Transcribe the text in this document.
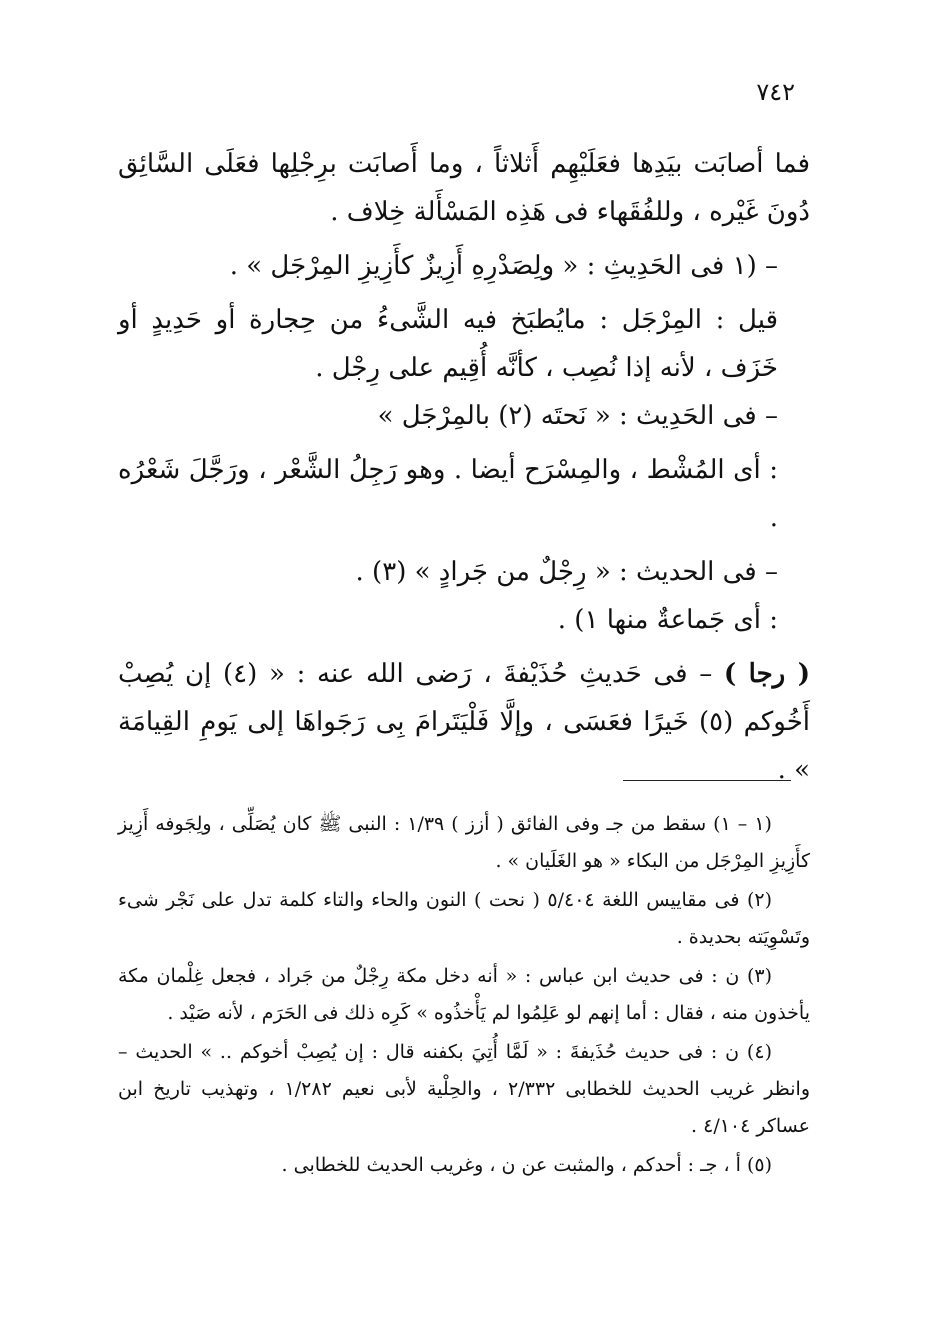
٧٤٢

فما أصابَت بيَدِها فعَلَيْهِم أَثلاثاً ، وما أَصابَت برِجْلِها فعَلَى السَّائِق دُونَ غَيْره ، وللفُقَهاء فى هَذِه المَسْأَلة خِلاف .

– (١ فى الحَدِيثِ : « ولِصَدْرِهِ أَزِيزٌ كأَزِيزِ المِرْجَل » .

قيل : المِرْجَل : مايُطبَخ فيه الشَّىءُ من حِجارة أو حَدِيدٍ أو خَزَف ، لأنه إذا نُصِب ، كأنَّه أُقِيم على رِجْل .

– فى الحَدِيث : « نَحتَه (٢) بالمِرْجَل »

: أى المُشْط ، والمِسْرَح أيضا . وهو رَجِلُ الشَّعْر ، ورَجَّلَ شَعْرُه .

– فى الحديث : « رِجْلٌ من جَرادٍ » (٣) .

: أى جَماعةٌ منها ١) .

( رجا ) – فى حَديثِ حُذَيْفةَ ، رَضى الله عنه : « (٤) إن يُصِبْ أَخُوكم (٥) خَيرًا فعَسَى ، وإلَّا فَلْيَتَرامَ بِى رَجَواهَا إلى يَومِ القِيامَة » .

(١ – ١) سقط من جـ وفى الفائق ( أزز ) ١/٣٩ : النبى ﷺ كان يُصَلِّى ، ولِجَوفه أَزِيز كأَزِيزِ المِرْجَل من البكاء « هو الغَلَيان » .

(٢) فى مقاييس اللغة ٥/٤٠٤ ( نحت ) النون والحاء والتاء كلمة تدل على نَجْر شىء وتَسْوِيَته بحديدة .

(٣) ن : فى حديث ابن عباس : « أنه دخل مكة رِجْلٌ من جَراد ، فجعل غِلْمان مكة يأخذون منه ، فقال : أما إنهم لو عَلِمُوا لم يَأْخذُوه » كَرِه ذلك فى الحَرَم ، لأنه صَيْد .

(٤) ن : فى حديث حُذَيفةَ : « لَمَّا أُتِيَ بكفنه قال : إن يُصِبْ أخوكم .. » الحديث – وانظر غريب الحديث للخطابى ٢/٣٣٢ ، والحِلْية لأبى نعيم ١/٢٨٢ ، وتهذيب تاريخ ابن عساكر ٤/١٠٤ .

(٥) أ ، جـ : أحدكم ، والمثبت عن ن ، وغريب الحديث للخطابى .
